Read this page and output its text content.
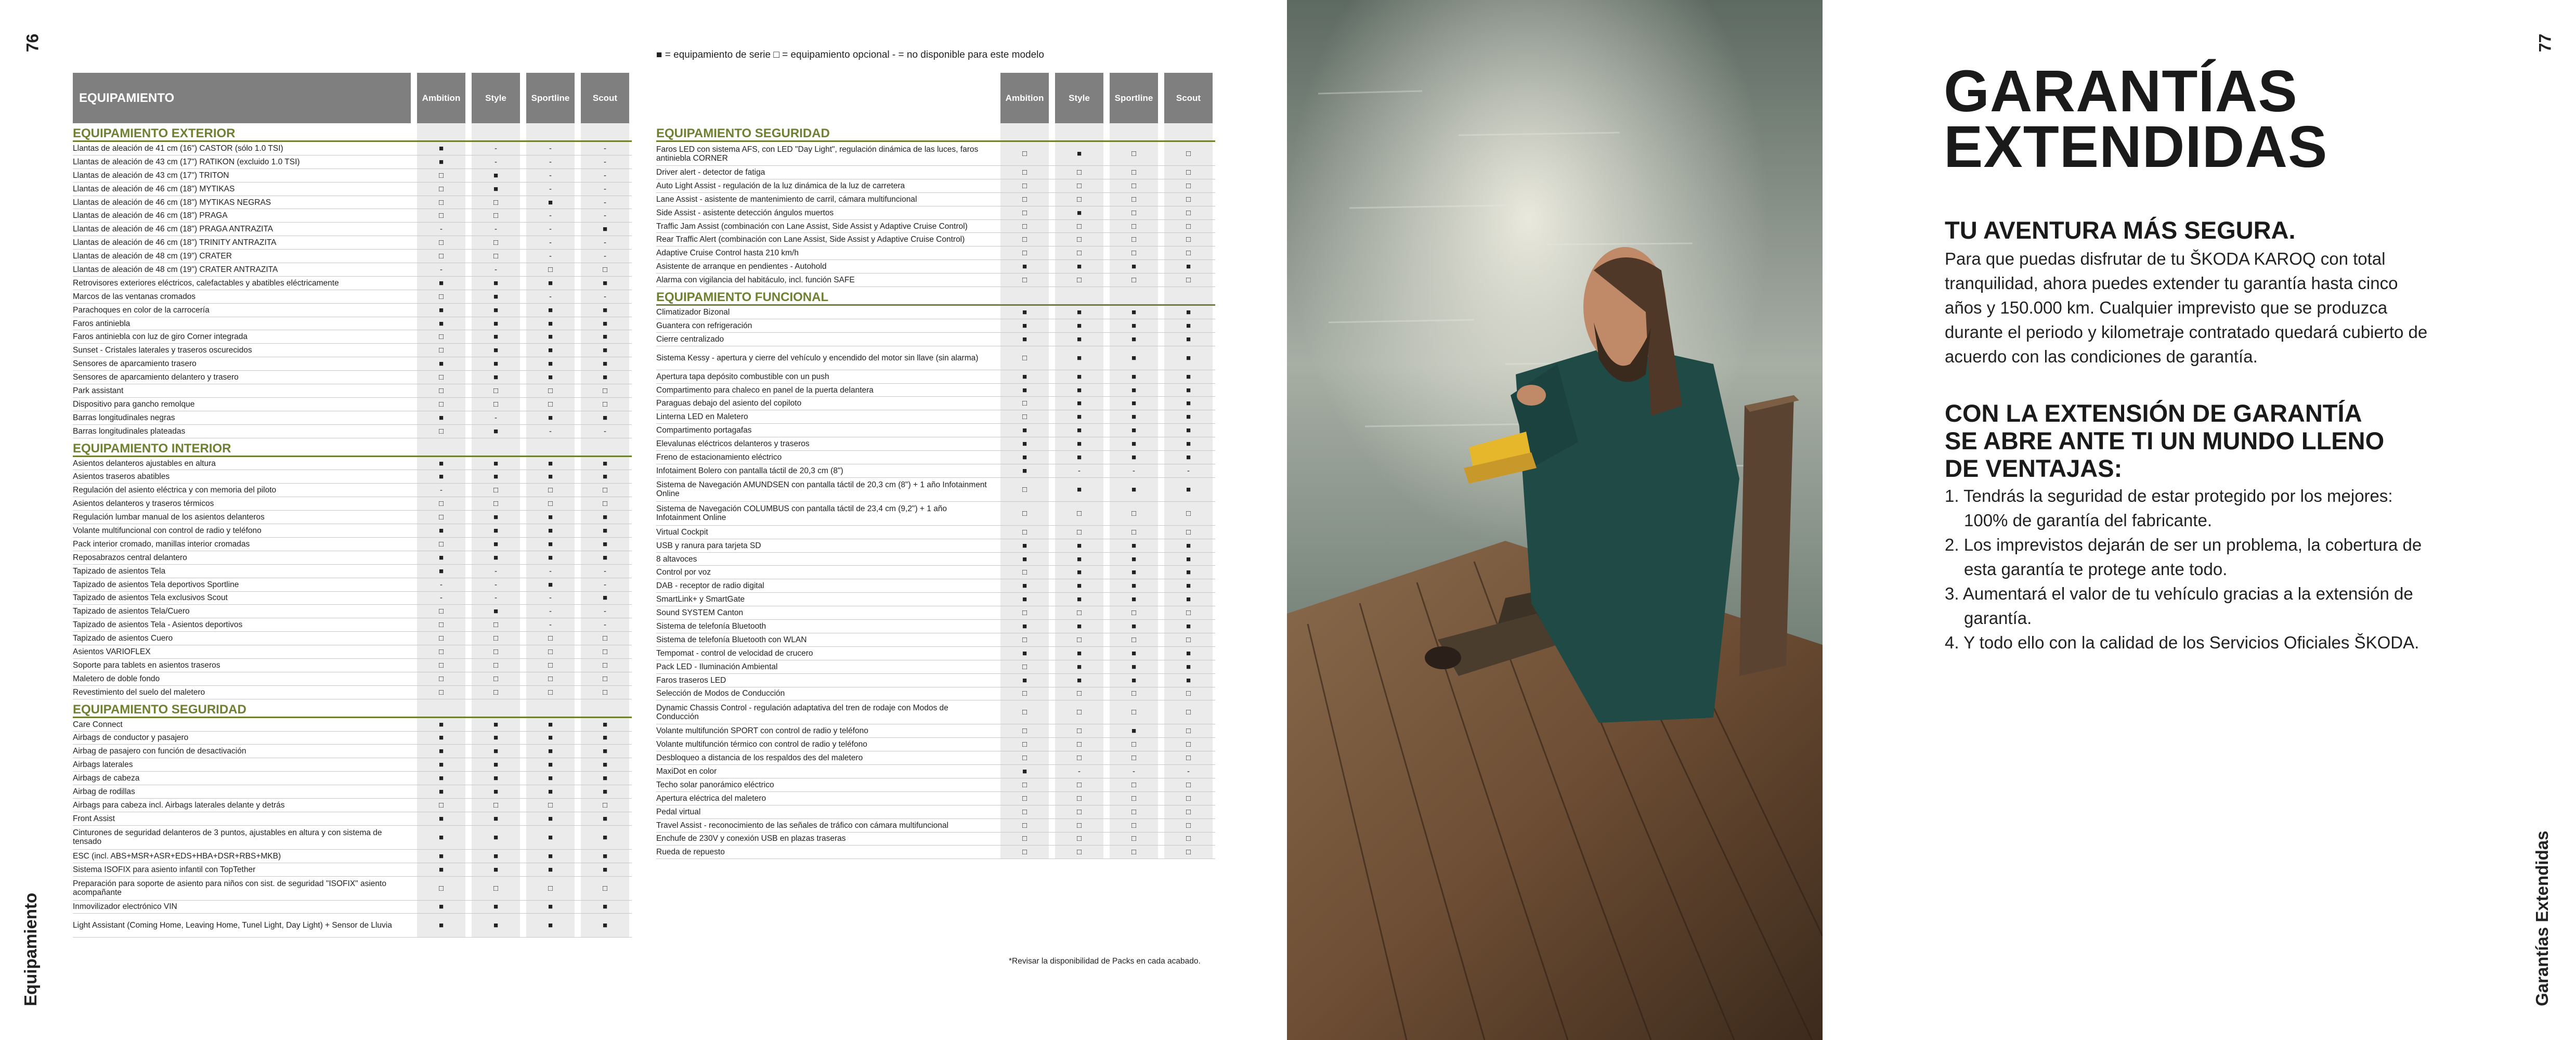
76	77
Equipamiento	Garantías Extendidas
EQUIPAMIENTO	Ambition	Style	Sportline	Scout
EQUIPAMIENTO EXTERIOR
Llantas de aleación de 41 cm (16") CASTOR (sólo 1.0 TSI)	■	-	-	-
Llantas de aleación de 43 cm (17") RATIKON (excluido 1.0 TSI)	■	-	-	-
Llantas de aleación de 43 cm (17") TRITON	□	■	-	-
Llantas de aleación de 46 cm (18") MYTIKAS	□	■	-	-
Llantas de aleación de 46 cm (18") MYTIKAS NEGRAS	□	□	■	-
Llantas de aleación de 46 cm (18") PRAGA	□	□	-	-
Llantas de aleación de 46 cm (18") PRAGA ANTRAZITA	-	-	-	■
Llantas de aleación de 46 cm (18") TRINITY ANTRAZITA	□	□	-	-
Llantas de aleación de 48 cm (19") CRATER	□	□	-	-
Llantas de aleación de 48 cm (19") CRATER ANTRAZITA	-	-	□	□
Retrovisores exteriores eléctricos, calefactables y abatibles eléctricamente	■	■	■	■
Marcos de las ventanas cromados	□	■	-	-
Parachoques en color de la carrocería	■	■	■	■
Faros antiniebla	■	■	■	■
Faros antiniebla con luz de giro Corner integrada	□	■	■	■
Sunset - Cristales laterales y traseros oscurecidos	□	■	■	■
Sensores de aparcamiento trasero	■	■	■	■
Sensores de aparcamiento delantero y trasero	□	■	■	■
Park assistant	□	□	□	□
Dispositivo para gancho remolque	□	□	□	□
Barras longitudinales negras	■	-	■	■
Barras longitudinales plateadas	□	■	-	-
EQUIPAMIENTO INTERIOR
Asientos delanteros ajustables en altura	■	■	■	■
Asientos traseros abatibles	■	■	■	■
Regulación del asiento eléctrica y con memoria del piloto	-	□	□	□
Asientos delanteros y traseros térmicos	□	□	□	□
Regulación lumbar manual de los asientos delanteros	□	■	■	■
Volante multifuncional con control de radio y teléfono	■	■	■	■
Pack interior cromado, manillas interior cromadas	□	■	■	■
Reposabrazos central delantero	■	■	■	■
Tapizado de asientos Tela	■	-	-	-
Tapizado de asientos Tela deportivos Sportline	-	-	■	-
Tapizado de asientos Tela exclusivos Scout	-	-	-	■
Tapizado de asientos Tela/Cuero	□	■	-	-
Tapizado de asientos Tela - Asientos deportivos	□	□	-	-
Tapizado de asientos Cuero	□	□	□	□
Asientos VARIOFLEX	□	□	□	□
Soporte para tablets en asientos traseros	□	□	□	□
Maletero de doble fondo	□	□	□	□
Revestimiento del suelo del maletero	□	□	□	□
EQUIPAMIENTO SEGURIDAD
Care Connect	■	■	■	■
Airbags de conductor y pasajero	■	■	■	■
Airbag de pasajero con función de desactivación	■	■	■	■
Airbags laterales	■	■	■	■
Airbags de cabeza	■	■	■	■
Airbag de rodillas	■	■	■	■
Airbags para cabeza incl. Airbags laterales delante y detrás	□	□	□	□
Front Assist	■	■	■	■
Cinturones de seguridad delanteros de 3 puntos, ajustables en altura y con sistema de tensado	■	■	■	■
ESC (incl. ABS+MSR+ASR+EDS+HBA+DSR+RBS+MKB)	■	■	■	■
Sistema ISOFIX para asiento infantil con TopTether	■	■	■	■
Preparación para soporte de asiento para niños con sist. de seguridad "ISOFIX" asiento acompañante	□	□	□	□
Inmovilizador electrónico VIN	■	■	■	■
Light Assistant (Coming Home, Leaving Home, Tunel Light, Day Light) + Sensor de Lluvia	■	■	■	■
■ = equipamiento de serie □ = equipamiento opcional - = no disponible para este modelo
Ambition	Style	Sportline	Scout
EQUIPAMIENTO SEGURIDAD
Faros LED con sistema AFS, con LED "Day Light", regulación dinámica de las luces, faros antiniebla CORNER	□	■	□	□
Driver alert - detector de fatiga	□	□	□	□
Auto Light Assist - regulación de la luz dinámica de la luz de carretera	□	□	□	□
Lane Assist - asistente de mantenimiento de carril, cámara multifuncional	□	□	□	□
Side Assist - asistente detección ángulos muertos	□	■	□	□
Traffic Jam Assist (combinación con Lane Assist, Side Assist y Adaptive Cruise Control)	□	□	□	□
Rear Traffic Alert (combinación con Lane Assist, Side Assist y Adaptive Cruise Control)	□	□	□	□
Adaptive Cruise Control hasta 210 km/h	□	□	□	□
Asistente de arranque en pendientes - Autohold	■	■	■	■
Alarma con vigilancia del habitáculo, incl. función SAFE	□	□	□	□
EQUIPAMIENTO FUNCIONAL
Climatizador Bizonal	■	■	■	■
Guantera con refrigeración	■	■	■	■
Cierre centralizado	■	■	■	■
Sistema Kessy - apertura y cierre del vehículo y encendido del motor sin llave (sin alarma)	□	■	■	■
Apertura tapa depósito combustible con un push	■	■	■	■
Compartimento para chaleco en panel de la puerta delantera	■	■	■	■
Paraguas debajo del asiento del copiloto	□	■	■	■
Linterna LED en Maletero	□	■	■	■
Compartimento portagafas	■	■	■	■
Elevalunas eléctricos delanteros y traseros	■	■	■	■
Freno de estacionamiento eléctrico	■	■	■	■
Infotaiment Bolero con pantalla táctil de 20,3 cm (8")	■	-	-	-
Sistema de Navegación AMUNDSEN con pantalla táctil de 20,3 cm (8") + 1 año Infotainment Online	□	■	■	■
Sistema de Navegación COLUMBUS con pantalla táctil de 23,4 cm (9,2") + 1 año Infotainment Online	□	□	□	□
Virtual Cockpit	□	□	□	□
USB y ranura para tarjeta SD	■	■	■	■
8 altavoces	■	■	■	■
Control por voz	□	■	■	■
DAB - receptor de radio digital	■	■	■	■
SmartLink+ y SmartGate	■	■	■	■
Sound SYSTEM Canton	□	□	□	□
Sistema de telefonía Bluetooth	■	■	■	■
Sistema de telefonía Bluetooth con WLAN	□	□	□	□
Tempomat - control de velocidad de crucero	■	■	■	■
Pack LED - Iluminación Ambiental	□	■	■	■
Faros traseros LED	■	■	■	■
Selección de Modos de Conducción	□	□	□	□
Dynamic Chassis Control - regulación adaptativa del tren de rodaje con Modos de Conducción	□	□	□	□
Volante multifunción SPORT con control de radio y teléfono	□	□	■	□
Volante multifunción térmico con control de radio y teléfono	□	□	□	□
Desbloqueo a distancia de los respaldos des del maletero	□	□	□	□
MaxiDot en color	■	-	-	-
Techo solar panorámico eléctrico	□	□	□	□
Apertura eléctrica del maletero	□	□	□	□
Pedal virtual	□	□	□	□
Travel Assist - reconocimiento de las señales de tráfico con cámara multifuncional	□	□	□	□
Enchufe de 230V y conexión USB en plazas traseras	□	□	□	□
Rueda de repuesto	□	□	□	□
*Revisar la disponibilidad de Packs en cada acabado.
GARANTÍAS
EXTENDIDAS
TU AVENTURA MÁS SEGURA.
Para que puedas disfrutar de tu ŠKODA KAROQ con total tranquilidad, ahora puedes extender tu garantía hasta cinco años y 150.000 km. Cualquier imprevisto que se produzca durante el periodo y kilometraje contratado quedará cubierto de acuerdo con las condiciones de garantía.
CON LA EXTENSIÓN DE GARANTÍA
SE ABRE ANTE TI UN MUNDO LLENO
DE VENTAJAS:
1. Tendrás la seguridad de estar protegido por los mejores: 100% de garantía del fabricante.
2. Los imprevistos dejarán de ser un problema, la cobertura de esta garantía te protege ante todo.
3. Aumentará el valor de tu vehículo gracias a la extensión de garantía.
4. Y todo ello con la calidad de los Servicios Oficiales ŠKODA.
